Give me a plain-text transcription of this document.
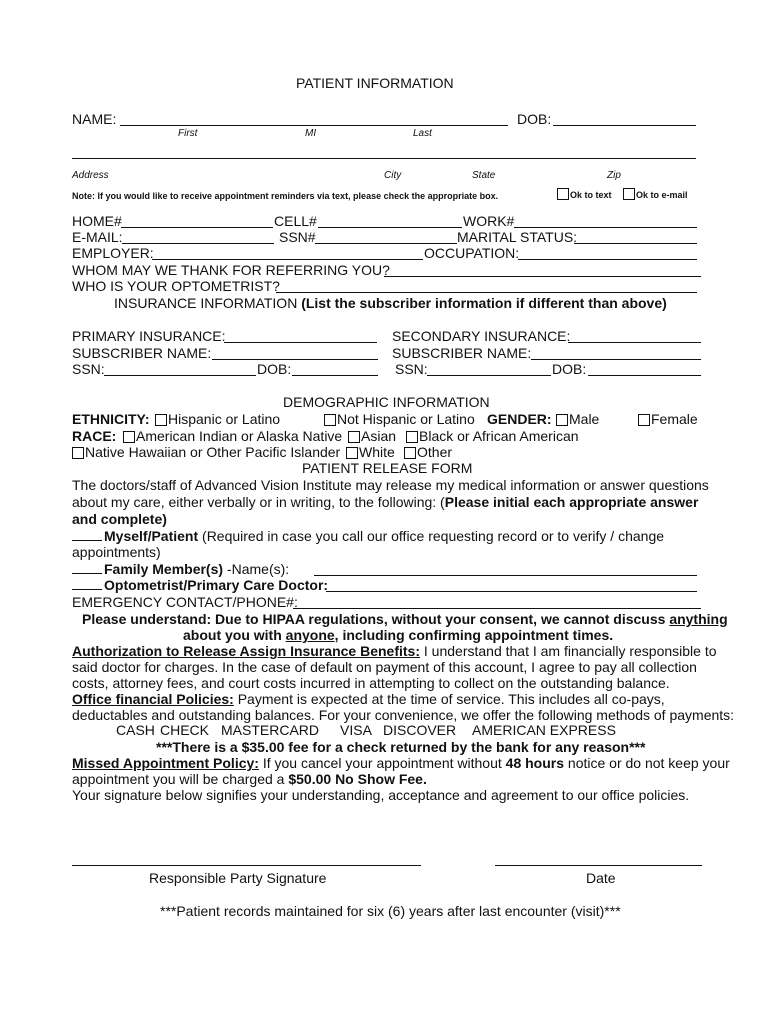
PATIENT INFORMATION
NAME:	DOB:
First	MI	Last
Address	City	State	Zip
Note: If you would like to receive appointment reminders via text, please check the appropriate box.	Ok to text	Ok to e-mail
HOME#	CELL#	WORK#
E-MAIL:	SSN#	MARITAL STATUS:
EMPLOYER:	OCCUPATION:
WHOM MAY WE THANK FOR REFERRING YOU?
WHO IS YOUR OPTOMETRIST?
INSURANCE INFORMATION (List the subscriber information if different than above)
PRIMARY INSURANCE:	SECONDARY INSURANCE:
SUBSCRIBER NAME:	SUBSCRIBER NAME:
SSN:	DOB:	SSN:	DOB:
DEMOGRAPHIC INFORMATION
ETHNICITY:	Hispanic or Latino	Not Hispanic or Latino GENDER:	Male	Female
RACE:	American Indian or Alaska Native	Asian	Black or African American
Native Hawaiian or Other Pacific Islander	White	Other
PATIENT RELEASE FORM
The doctors/staff of Advanced Vision Institute may release my medical information or answer questions
about my care, either verbally or in writing, to the following: (Please initial each appropriate answer
and complete)
Myself/Patient (Required in case you call our office requesting record or to verify / change
appointments)
Family Member(s) -Name(s):
Optometrist/Primary Care Doctor:
EMERGENCY CONTACT/PHONE#:
Please understand: Due to HIPAA regulations, without your consent, we cannot discuss anything
about you with anyone, including confirming appointment times.
Authorization to Release Assign Insurance Benefits: I understand that I am financially responsible to
said doctor for charges. In the case of default on payment of this account, I agree to pay all collection
costs, attorney fees, and court costs incurred in attempting to collect on the outstanding balance.
Office financial Policies: Payment is expected at the time of service. This includes all co-pays,
deductables and outstanding balances. For your convenience, we offer the following methods of payments:
CASH CHECK MASTERCARD VISA DISCOVER AMERICAN EXPRESS
***There is a $35.00 fee for a check returned by the bank for any reason***
Missed Appointment Policy: If you cancel your appointment without 48 hours notice or do not keep your
appointment you will be charged a $50.00 No Show Fee.
Your signature below signifies your understanding, acceptance and agreement to our office policies.
Responsible Party Signature	Date
***Patient records maintained for six (6) years after last encounter (visit)***
